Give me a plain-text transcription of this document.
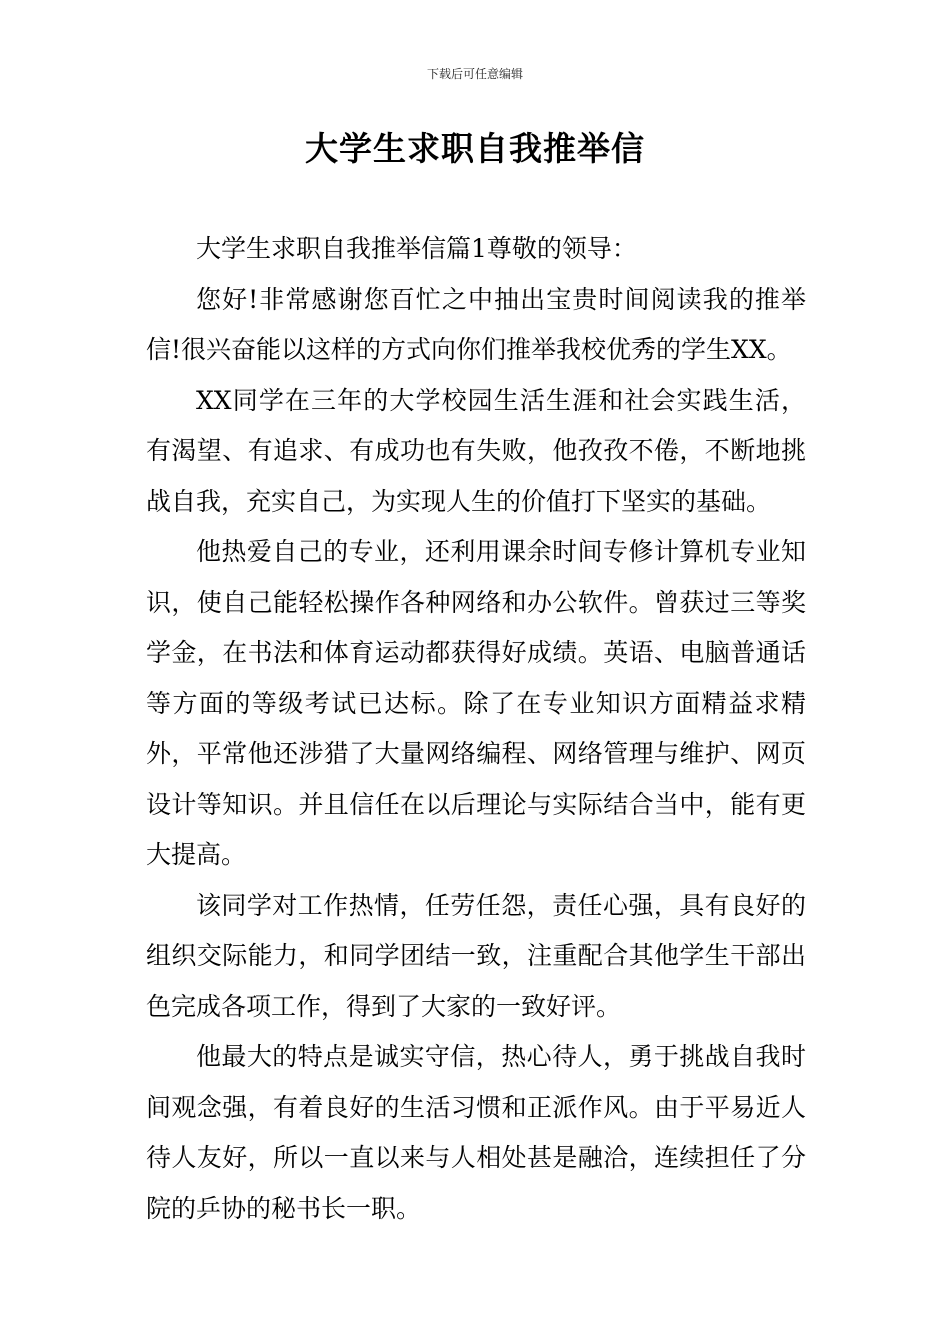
下载后可任意编辑
大学生求职自我推举信

大学生求职自我推举信篇1尊敬的领导：

您好!非常感谢您百忙之中抽出宝贵时间阅读我的推举信!很兴奋能以这样的方式向你们推举我校优秀的学生XX。

XX同学在三年的大学校园生活生涯和社会实践生活，有渴望、有追求、有成功也有失败，他孜孜不倦，不断地挑战自我，充实自己，为实现人生的价值打下坚实的基础。

他热爱自己的专业，还利用课余时间专修计算机专业知识，使自己能轻松操作各种网络和办公软件。曾获过三等奖学金，在书法和体育运动都获得好成绩。英语、电脑普通话等方面的等级考试已达标。除了在专业知识方面精益求精外，平常他还涉猎了大量网络编程、网络管理与维护、网页设计等知识。并且信任在以后理论与实际结合当中，能有更大提高。

该同学对工作热情，任劳任怨，责任心强，具有良好的组织交际能力，和同学团结一致，注重配合其他学生干部出色完成各项工作，得到了大家的一致好评。

他最大的特点是诚实守信，热心待人，勇于挑战自我时间观念强，有着良好的生活习惯和正派作风。由于平易近人待人友好，所以一直以来与人相处甚是融洽，连续担任了分院的乒协的秘书长一职。
